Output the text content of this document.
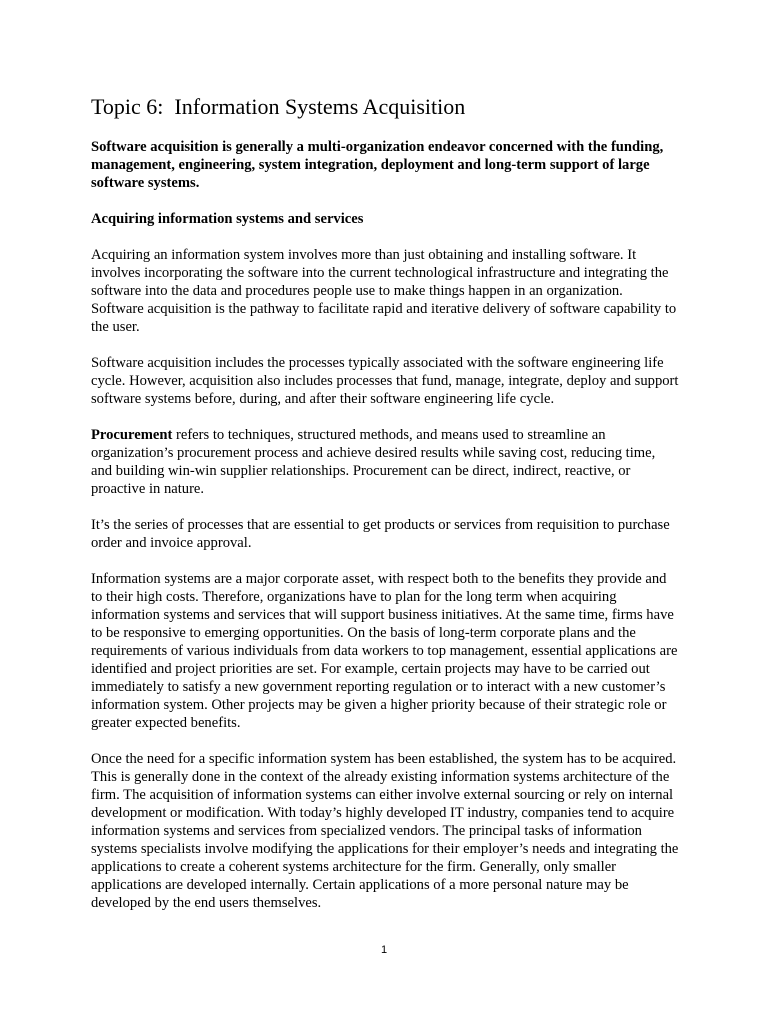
Topic 6:  Information Systems Acquisition

Software acquisition is generally a multi-organization endeavor concerned with the funding, management, engineering, system integration, deployment and long-term support of large software systems.

Acquiring information systems and services

Acquiring an information system involves more than just obtaining and installing software. It involves incorporating the software into the current technological infrastructure and integrating the software into the data and procedures people use to make things happen in an organization. Software acquisition is the pathway to facilitate rapid and iterative delivery of software capability to the user.

Software acquisition includes the processes typically associated with the software engineering life cycle. However, acquisition also includes processes that fund, manage, integrate, deploy and support software systems before, during, and after their software engineering life cycle.

Procurement refers to techniques, structured methods, and means used to streamline an organization’s procurement process and achieve desired results while saving cost, reducing time, and building win-win supplier relationships. Procurement can be direct, indirect, reactive, or proactive in nature.

It’s the series of processes that are essential to get products or services from requisition to purchase order and invoice approval.

Information systems are a major corporate asset, with respect both to the benefits they provide and to their high costs. Therefore, organizations have to plan for the long term when acquiring information systems and services that will support business initiatives. At the same time, firms have to be responsive to emerging opportunities. On the basis of long-term corporate plans and the requirements of various individuals from data workers to top management, essential applications are identified and project priorities are set. For example, certain projects may have to be carried out immediately to satisfy a new government reporting regulation or to interact with a new customer’s information system. Other projects may be given a higher priority because of their strategic role or greater expected benefits.

Once the need for a specific information system has been established, the system has to be acquired. This is generally done in the context of the already existing information systems architecture of the firm. The acquisition of information systems can either involve external sourcing or rely on internal development or modification. With today’s highly developed IT industry, companies tend to acquire information systems and services from specialized vendors. The principal tasks of information systems specialists involve modifying the applications for their employer’s needs and integrating the applications to create a coherent systems architecture for the firm. Generally, only smaller applications are developed internally. Certain applications of a more personal nature may be developed by the end users themselves.

1
